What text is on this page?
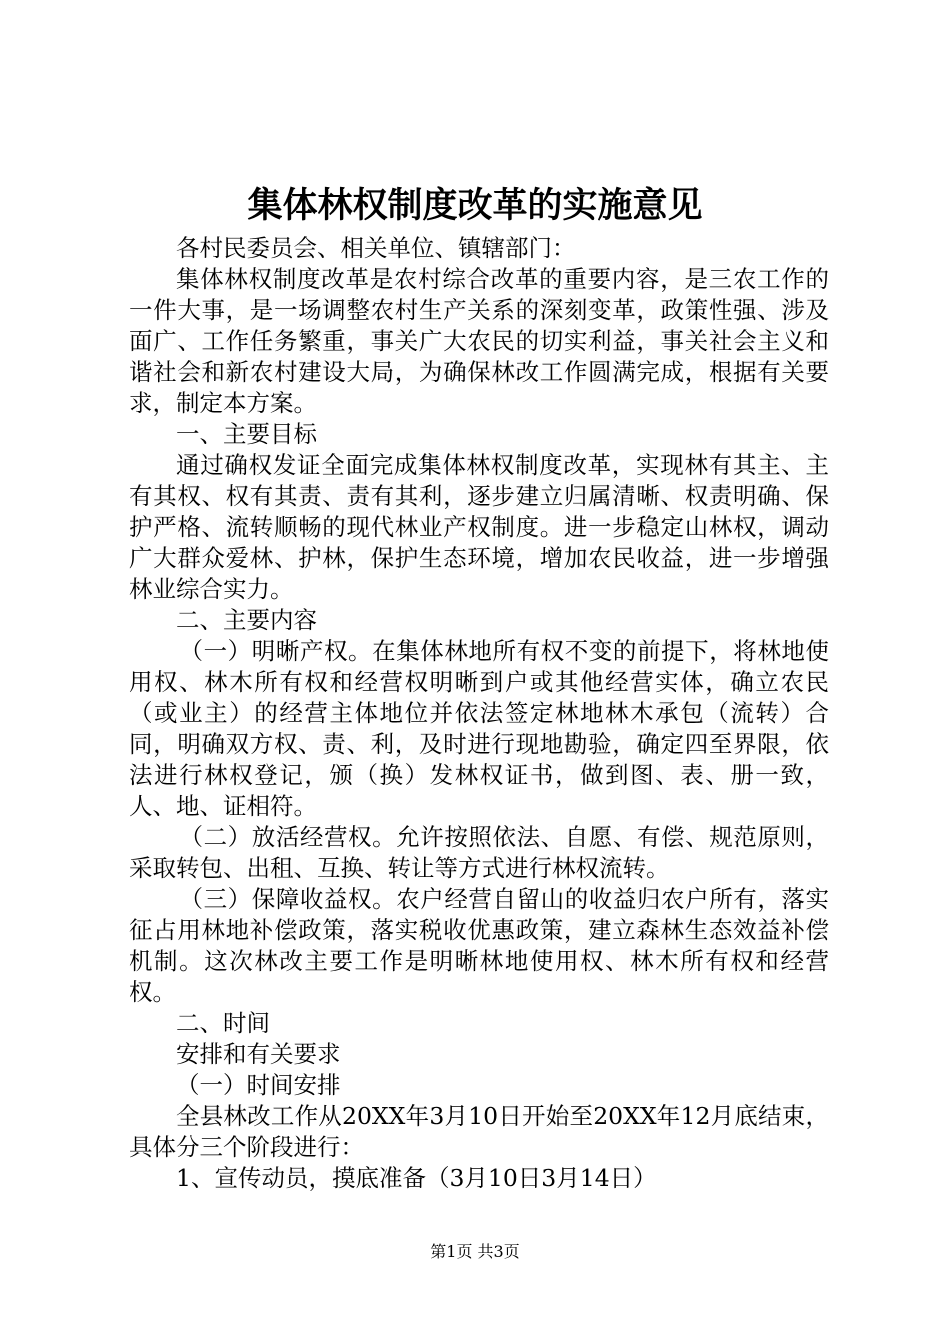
集体林权制度改革的实施意见

各村民委员会、相关单位、镇辖部门：

集体林权制度改革是农村综合改革的重要内容，是三农工作的一件大事，是一场调整农村生产关系的深刻变革，政策性强、涉及面广、工作任务繁重，事关广大农民的切实利益，事关社会主义和谐社会和新农村建设大局，为确保林改工作圆满完成，根据有关要求，制定本方案。

一、主要目标

通过确权发证全面完成集体林权制度改革，实现林有其主、主有其权、权有其责、责有其利，逐步建立归属清晰、权责明确、保护严格、流转顺畅的现代林业产权制度。进一步稳定山林权，调动广大群众爱林、护林，保护生态环境，增加农民收益，进一步增强林业综合实力。

二、主要内容

（一）明晰产权。在集体林地所有权不变的前提下，将林地使用权、林木所有权和经营权明晰到户或其他经营实体，确立农民（或业主）的经营主体地位并依法签定林地林木承包（流转）合同，明确双方权、责、利，及时进行现地勘验，确定四至界限，依法进行林权登记，颁（换）发林权证书，做到图、表、册一致，人、地、证相符。

（二）放活经营权。允许按照依法、自愿、有偿、规范原则，采取转包、出租、互换、转让等方式进行林权流转。

（三）保障收益权。农户经营自留山的收益归农户所有，落实征占用林地补偿政策，落实税收优惠政策，建立森林生态效益补偿机制。这次林改主要工作是明晰林地使用权、林木所有权和经营权。

二、时间

安排和有关要求

（一）时间安排

全县林改工作从20XX年3月10日开始至20XX年12月底结束，具体分三个阶段进行：

1、宣传动员，摸底准备（3月10日3月14日）

第1页 共3页
